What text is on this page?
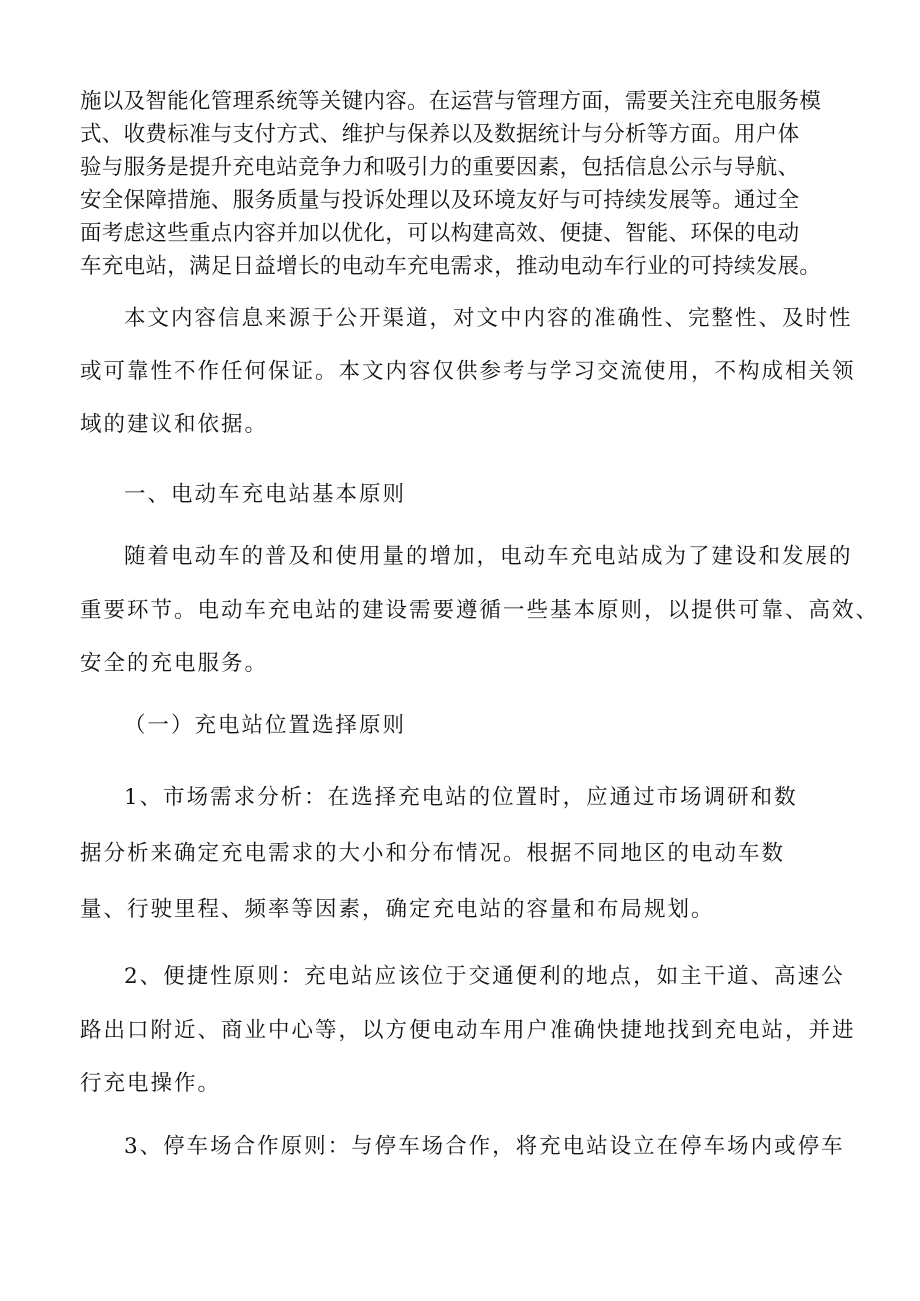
施以及智能化管理系统等关键内容。在运营与管理方面，需要关注充电服务模

式、收费标准与支付方式、维护与保养以及数据统计与分析等方面。用户体

验与服务是提升充电站竞争力和吸引力的重要因素，包括信息公示与导航、

安全保障措施、服务质量与投诉处理以及环境友好与可持续发展等。通过全

面考虑这些重点内容并加以优化，可以构建高效、便捷、智能、环保的电动

车充电站，满足日益增长的电动车充电需求，推动电动车行业的可持续发展。

本文内容信息来源于公开渠道，对文中内容的准确性、完整性、及时性

或可靠性不作任何保证。本文内容仅供参考与学习交流使用，不构成相关领

域的建议和依据。

一、电动车充电站基本原则

随着电动车的普及和使用量的增加，电动车充电站成为了建设和发展的

重要环节。电动车充电站的建设需要遵循一些基本原则，以提供可靠、高效、

安全的充电服务。

（一）充电站位置选择原则

1、市场需求分析：在选择充电站的位置时，应通过市场调研和数

据分析来确定充电需求的大小和分布情况。根据不同地区的电动车数

量、行驶里程、频率等因素，确定充电站的容量和布局规划。

2、便捷性原则：充电站应该位于交通便利的地点，如主干道、高速公

路出口附近、商业中心等，以方便电动车用户准确快捷地找到充电站，并进

行充电操作。

3、停车场合作原则：与停车场合作，将充电站设立在停车场内或停车
